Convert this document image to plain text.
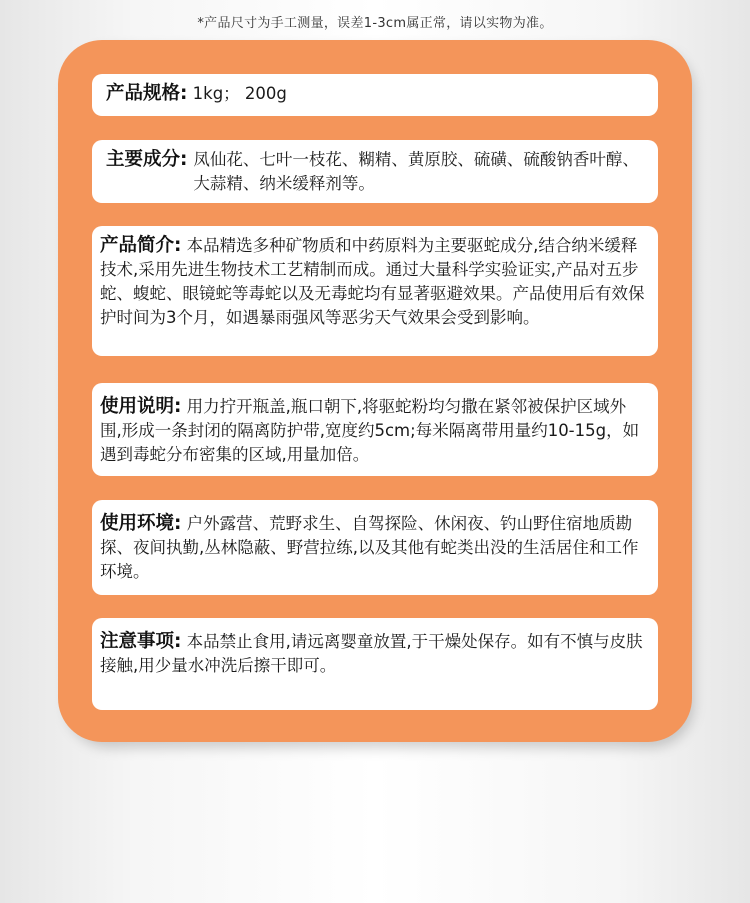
*产品尺寸为手工测量，误差1-3cm属正常，请以实物为准。
产品规格: 1kg； 200g
主要成分: 凤仙花、七叶一枝花、糊精、黄原胶、硫磺、硫酸钠香叶醇、大蒜精、纳米缓释剂等。
产品简介: 本品精选多种矿物质和中药原料为主要驱蛇成分,结合纳米缓释技术,采用先进生物技术工艺精制而成。通过大量科学实验证实,产品对五步蛇、蝮蛇、眼镜蛇等毒蛇以及无毒蛇均有显著驱避效果。产品使用后有效保护时间为3个月，如遇暴雨强风等恶劣天气效果会受到影响。
使用说明: 用力拧开瓶盖,瓶口朝下,将驱蛇粉均匀撒在紧邻被保护区域外围,形成一条封闭的隔离防护带,宽度约5cm;每米隔离带用量约10-15g，如遇到毒蛇分布密集的区域,用量加倍。
使用环境: 户外露营、荒野求生、自驾探险、休闲夜、钓山野住宿地质勘探、夜间执勤,丛林隐蔽、野营拉练,以及其他有蛇类出没的生活居住和工作环境。
注意事项: 本品禁止食用,请远离婴童放置,于干燥处保存。如有不慎与皮肤接触,用少量水冲洗后擦干即可。
